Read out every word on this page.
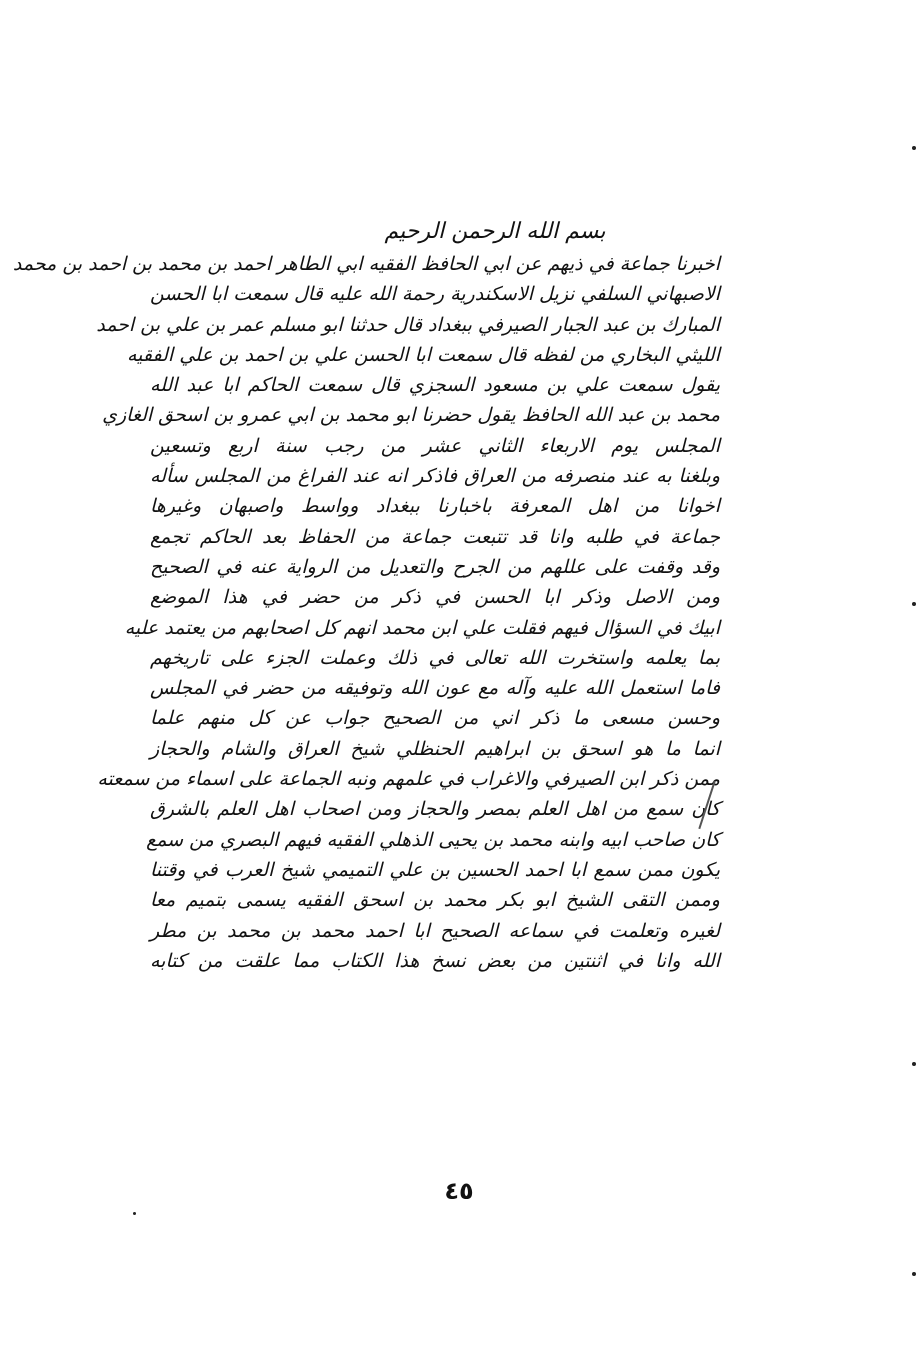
بسم الله الرحمن الرحيم
اخبرنا جماعة في ذيهم عن ابي الحافظ الفقيه ابي الطاهر احمد بن محمد بن احمد بن محمد
الاصبهاني السلفي نزيل الاسكندرية رحمة الله عليه قال سمعت ابا الحسن
المبارك بن عبد الجبار الصيرفي ببغداد قال حدثنا ابو مسلم عمر بن علي بن احمد
الليثي البخاري من لفظه قال سمعت ابا الحسن علي بن احمد بن علي الفقيه
يقول سمعت علي بن مسعود السجزي قال سمعت الحاكم ابا عبد الله
محمد بن عبد الله الحافظ يقول حضرنا ابو محمد بن ابي عمرو بن اسحق الغازي
المجلس يوم الاربعاء الثاني عشر من رجب سنة اربع وتسعين
وبلغنا به عند منصرفه من العراق فاذكر انه عند الفراغ من المجلس سأله
اخوانا من اهل المعرفة باخبارنا ببغداد وواسط واصبهان وغيرها
جماعة في طلبه وانا قد تتبعت جماعة من الحفاظ بعد الحاكم تجمع
وقد وقفت على عللهم من الجرح والتعديل من الرواية عنه في الصحيح
ومن الاصل وذكر ابا الحسن في ذكر من حضر في هذا الموضع
ابيك في السؤال فيهم فقلت علي ابن محمد انهم كل اصحابهم من يعتمد عليه
بما يعلمه واستخرت الله تعالى في ذلك وعملت الجزء على تاريخهم
فاما استعمل الله عليه وآله مع عون الله وتوفيقه من حضر في المجلس
وحسن مسعى ما ذكر اني من الصحيح جواب عن كل منهم علما
انما ما هو اسحق بن ابراهيم الحنظلي شيخ العراق والشام والحجاز
ممن ذكر ابن الصيرفي والاغراب في علمهم ونبه الجماعة على اسماء من سمعته
كان سمع من اهل العلم بمصر والحجاز ومن اصحاب اهل العلم بالشرق
كان صاحب ابيه وابنه محمد بن يحيى الذهلي الفقيه فيهم البصري من سمع
يكون ممن سمع ابا احمد الحسين بن علي التميمي شيخ العرب في وقتنا
وممن التقى الشيخ ابو بكر محمد بن اسحق الفقيه يسمى بتميم معا
لغيره وتعلمت في سماعه الصحيح ابا احمد محمد بن محمد بن مطر
الله وانا في اثنتين من بعض نسخ هذا الكتاب مما علقت من كتابه
٤٥
